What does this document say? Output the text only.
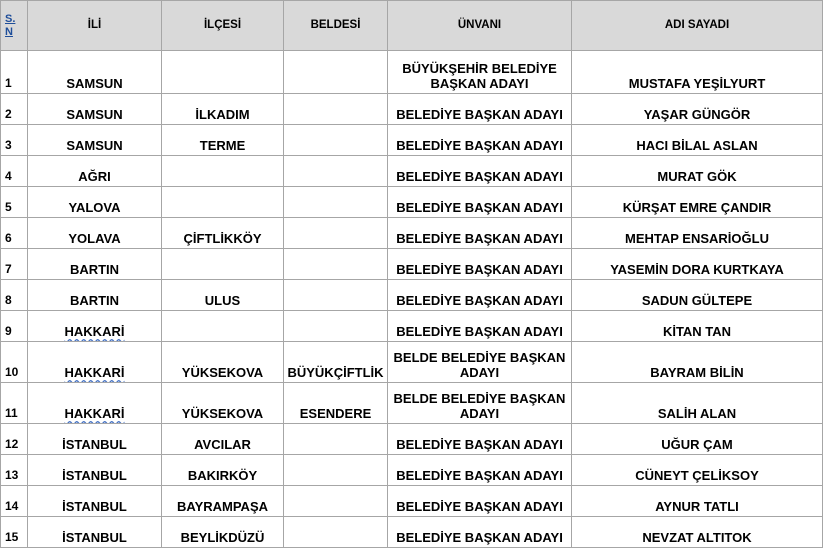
S.
N	İLİ	İLÇESİ	BELDESİ	ÜNVANI	ADI SAYADI
1	SAMSUN			BÜYÜKŞEHİR BELEDİYE BAŞKAN ADAYI	MUSTAFA YEŞİLYURT
2	SAMSUN	İLKADIM		BELEDİYE BAŞKAN ADAYI	YAŞAR GÜNGÖR
3	SAMSUN	TERME		BELEDİYE BAŞKAN ADAYI	HACI BİLAL ASLAN
4	AĞRI			BELEDİYE BAŞKAN ADAYI	MURAT GÖK
5	YALOVA			BELEDİYE BAŞKAN ADAYI	KÜRŞAT EMRE ÇANDIR
6	YOLAVA	ÇİFTLİKKÖY		BELEDİYE BAŞKAN ADAYI	MEHTAP ENSARİOĞLU
7	BARTIN			BELEDİYE BAŞKAN ADAYI	YASEMİN DORA KURTKAYA
8	BARTIN	ULUS		BELEDİYE BAŞKAN ADAYI	SADUN GÜLTEPE
9	HAKKARİ			BELEDİYE BAŞKAN ADAYI	KİTAN TAN
10	HAKKARİ	YÜKSEKOVA	BÜYÜKÇİFTLİK	BELDE BELEDİYE BAŞKAN ADAYI	BAYRAM BİLİN
11	HAKKARİ	YÜKSEKOVA	ESENDERE	BELDE BELEDİYE BAŞKAN ADAYI	SALİH ALAN
12	İSTANBUL	AVCILAR		BELEDİYE BAŞKAN ADAYI	UĞUR ÇAM
13	İSTANBUL	BAKIRKÖY		BELEDİYE BAŞKAN ADAYI	CÜNEYT ÇELİKSOY
14	İSTANBUL	BAYRAMPAŞA		BELEDİYE BAŞKAN ADAYI	AYNUR TATLI
15	İSTANBUL	BEYLİKDÜZÜ		BELEDİYE BAŞKAN ADAYI	NEVZAT ALTITOK
